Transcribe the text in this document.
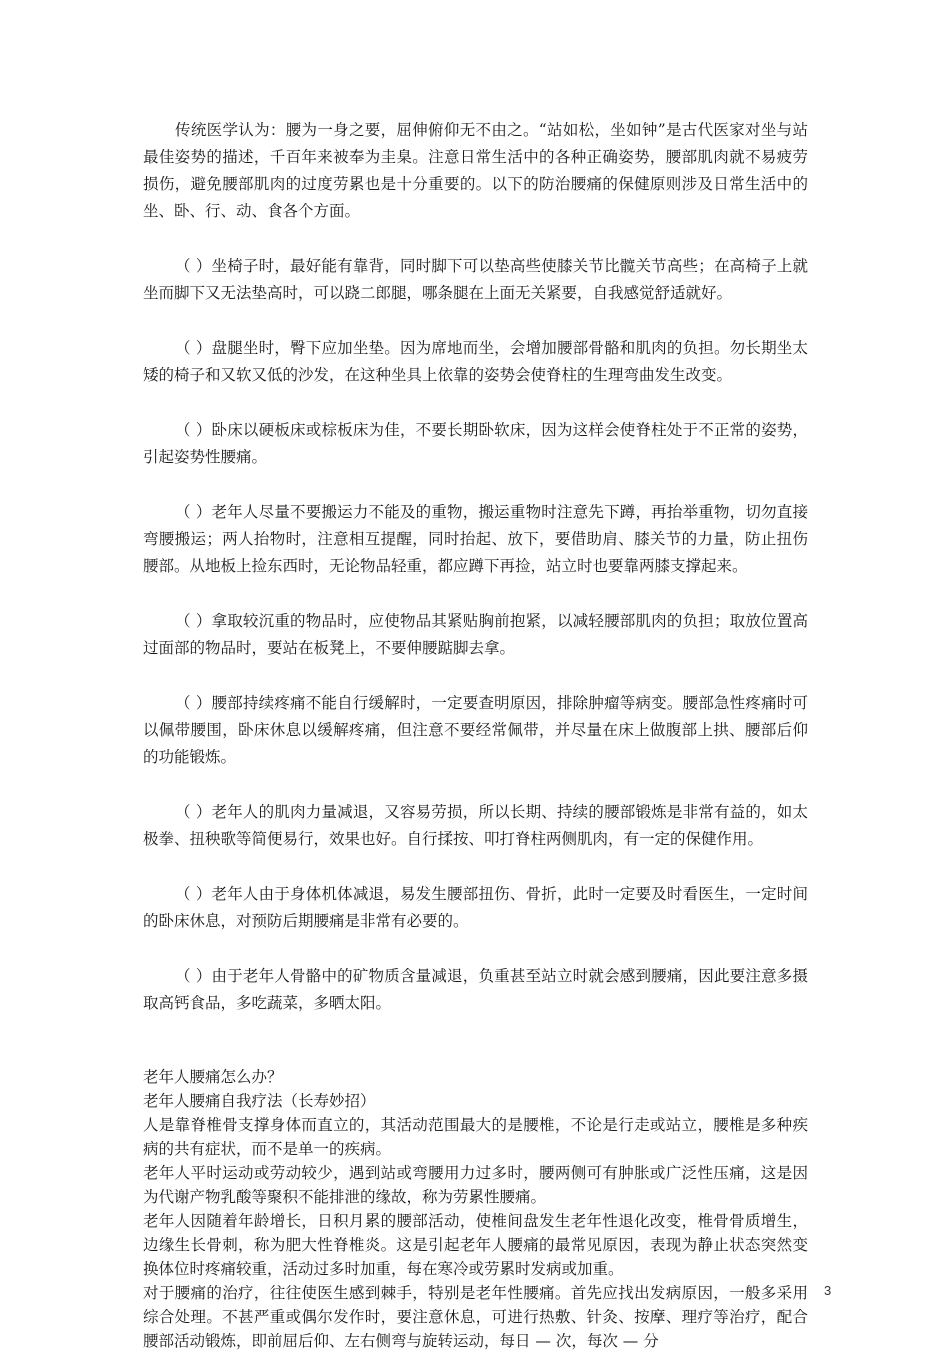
传统医学认为：腰为一身之要，屈伸俯仰无不由之。“站如松，坐如钟”是古代医家对坐与站最佳姿势的描述，千百年来被奉为圭臬。注意日常生活中的各种正确姿势，腰部肌肉就不易疲劳损伤，避免腰部肌肉的过度劳累也是十分重要的。以下的防治腰痛的保健原则涉及日常生活中的坐、卧、行、动、食各个方面。

（ ）坐椅子时，最好能有靠背，同时脚下可以垫高些使膝关节比髋关节高些；在高椅子上就坐而脚下又无法垫高时，可以跷二郎腿，哪条腿在上面无关紧要，自我感觉舒适就好。

（ ）盘腿坐时，臀下应加坐垫。因为席地而坐，会增加腰部骨骼和肌肉的负担。勿长期坐太矮的椅子和又软又低的沙发，在这种坐具上依靠的姿势会使脊柱的生理弯曲发生改变。

（ ）卧床以硬板床或棕板床为佳，不要长期卧软床，因为这样会使脊柱处于不正常的姿势，引起姿势性腰痛。

（ ）老年人尽量不要搬运力不能及的重物，搬运重物时注意先下蹲，再抬举重物，切勿直接弯腰搬运；两人抬物时，注意相互提醒，同时抬起、放下，要借助肩、膝关节的力量，防止扭伤腰部。从地板上捡东西时，无论物品轻重，都应蹲下再捡，站立时也要靠两膝支撑起来。

（ ）拿取较沉重的物品时，应使物品其紧贴胸前抱紧，以减轻腰部肌肉的负担；取放位置高过面部的物品时，要站在板凳上，不要伸腰踮脚去拿。

（ ）腰部持续疼痛不能自行缓解时，一定要查明原因，排除肿瘤等病变。腰部急性疼痛时可以佩带腰围，卧床休息以缓解疼痛，但注意不要经常佩带，并尽量在床上做腹部上拱、腰部后仰的功能锻炼。

（ ）老年人的肌肉力量减退，又容易劳损，所以长期、持续的腰部锻炼是非常有益的，如太极拳、扭秧歌等简便易行，效果也好。自行揉按、叩打脊柱两侧肌肉，有一定的保健作用。

（ ）老年人由于身体机体减退，易发生腰部扭伤、骨折，此时一定要及时看医生，一定时间的卧床休息，对预防后期腰痛是非常有必要的。

（ ）由于老年人骨骼中的矿物质含量减退，负重甚至站立时就会感到腰痛，因此要注意多摄取高钙食品，多吃蔬菜，多晒太阳。

老年人腰痛怎么办？

老年人腰痛自我疗法（长寿妙招）

人是靠脊椎骨支撑身体而直立的，其活动范围最大的是腰椎，不论是行走或站立，腰椎是多种疾病的共有症状，而不是单一的疾病。

老年人平时运动或劳动较少，遇到站或弯腰用力过多时，腰两侧可有肿胀或广泛性压痛，这是因为代谢产物乳酸等聚积不能排泄的缘故，称为劳累性腰痛。

老年人因随着年龄增长，日积月累的腰部活动，使椎间盘发生老年性退化改变，椎骨骨质增生，边缘生长骨刺，称为肥大性脊椎炎。这是引起老年人腰痛的最常见原因，表现为静止状态突然变换体位时疼痛较重，活动过多时加重，每在寒冷或劳累时发病或加重。

对于腰痛的治疗，往往使医生感到棘手，特别是老年性腰痛。首先应找出发病原因，一般多采用综合处理。不甚严重或偶尔发作时，要注意休息，可进行热敷、针灸、按摩、理疗等治疗，配合腰部活动锻炼，即前屈后仰、左右侧弯与旋转运动，每日 — 次，每次 — 分

3
